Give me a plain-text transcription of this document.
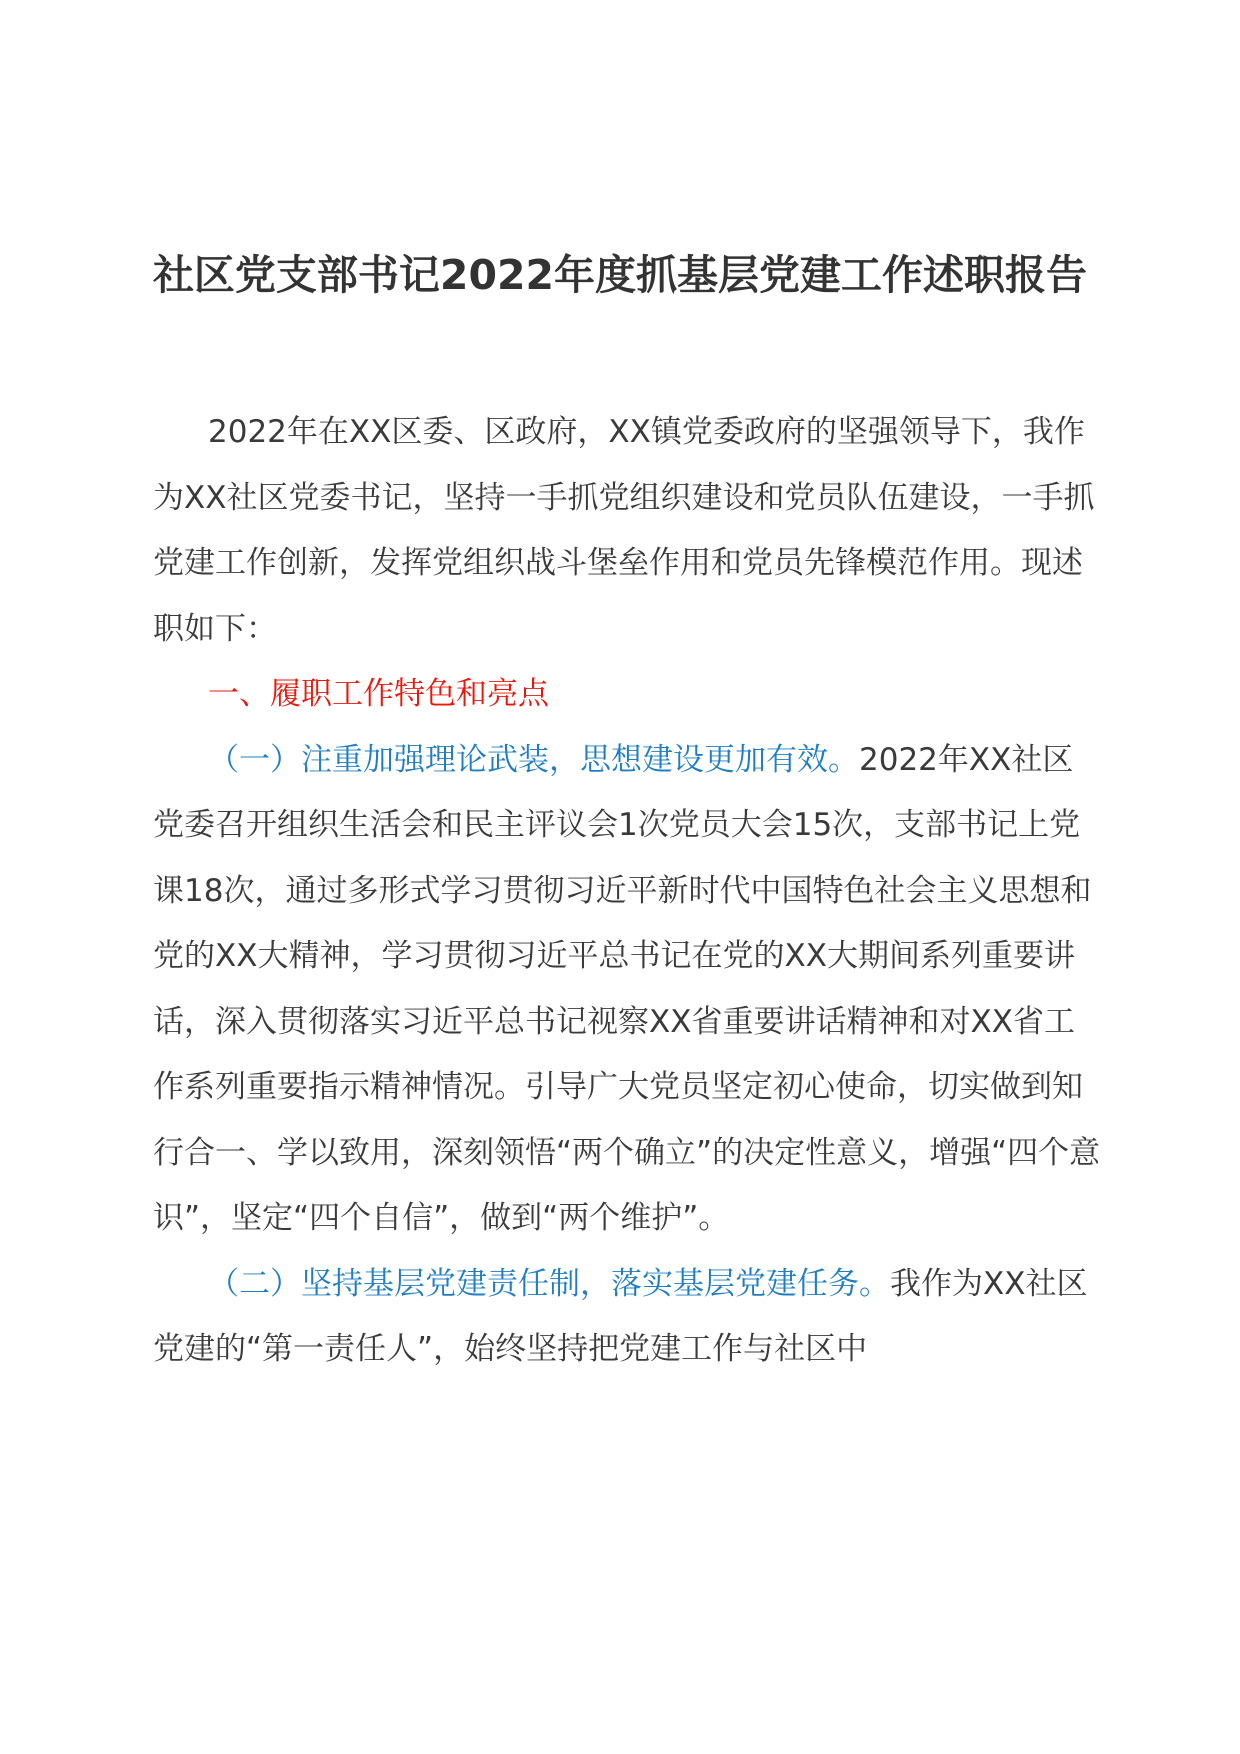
社区党支部书记2022年度抓基层党建工作述职报告

2022年在XX区委、区政府，XX镇党委政府的坚强领导下，我作为XX社区党委书记，坚持一手抓党组织建设和党员队伍建设，一手抓党建工作创新，发挥党组织战斗堡垒作用和党员先锋模范作用。现述职如下：

一、履职工作特色和亮点

（一）注重加强理论武装，思想建设更加有效。2022年XX社区党委召开组织生活会和民主评议会1次党员大会15次，支部书记上党课18次，通过多形式学习贯彻习近平新时代中国特色社会主义思想和党的XX大精神，学习贯彻习近平总书记在党的XX大期间系列重要讲话，深入贯彻落实习近平总书记视察XX省重要讲话精神和对XX省工作系列重要指示精神情况。引导广大党员坚定初心使命，切实做到知行合一、学以致用，深刻领悟“两个确立”的决定性意义，增强“四个意识”，坚定“四个自信”，做到“两个维护”。

（二）坚持基层党建责任制，落实基层党建任务。我作为XX社区党建的“第一责任人”，始终坚持把党建工作与社区中
